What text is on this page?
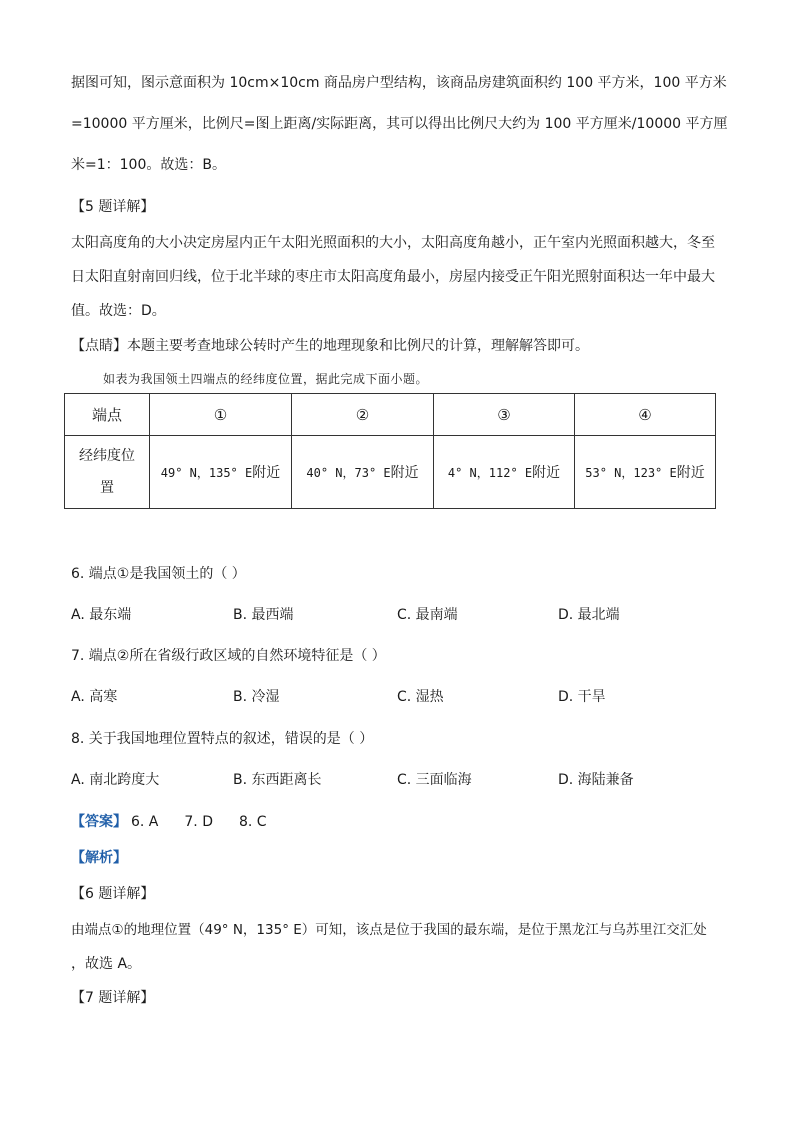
据图可知，图示意面积为 10cm×10cm 商品房户型结构，该商品房建筑面积约 100 平方米，100 平方米
=10000 平方厘米，比例尺=图上距离/实际距离，其可以得出比例尺大约为 100 平方厘米/10000 平方厘
米=1：100。故选：B。
【5 题详解】
太阳高度角的大小决定房屋内正午太阳光照面积的大小，太阳高度角越小，正午室内光照面积越大，冬至
日太阳直射南回归线，位于北半球的枣庄市太阳高度角最小，房屋内接受正午阳光照射面积达一年中最大
值。故选：D。
【点睛】本题主要考查地球公转时产生的地理现象和比例尺的计算，理解解答即可。
如表为我国领土四端点的经纬度位置，据此完成下面小题。
端点	①	②	③	④

经纬度位
置	49° N，135° E附近	40° N，73° E附近	4° N，112° E附近	53° N，123° E附近
6. 端点①是我国领土的（ ）
A. 最东端	B. 最西端	C. 最南端	D. 最北端
7. 端点②所在省级行政区域的自然环境特征是（ ）
A. 高寒	B. 冷湿	C. 湿热	D. 干旱
8. 关于我国地理位置特点的叙述，错误的是（ ）
A. 南北跨度大	B. 东西距离长	C. 三面临海	D. 海陆兼备
【答案】 6. A 7. D 8. C
【解析】
【6 题详解】
由端点①的地理位置（49° N，135° E）可知，该点是位于我国的最东端，是位于黑龙江与乌苏里江交汇处
，故选 A。
【7 题详解】
